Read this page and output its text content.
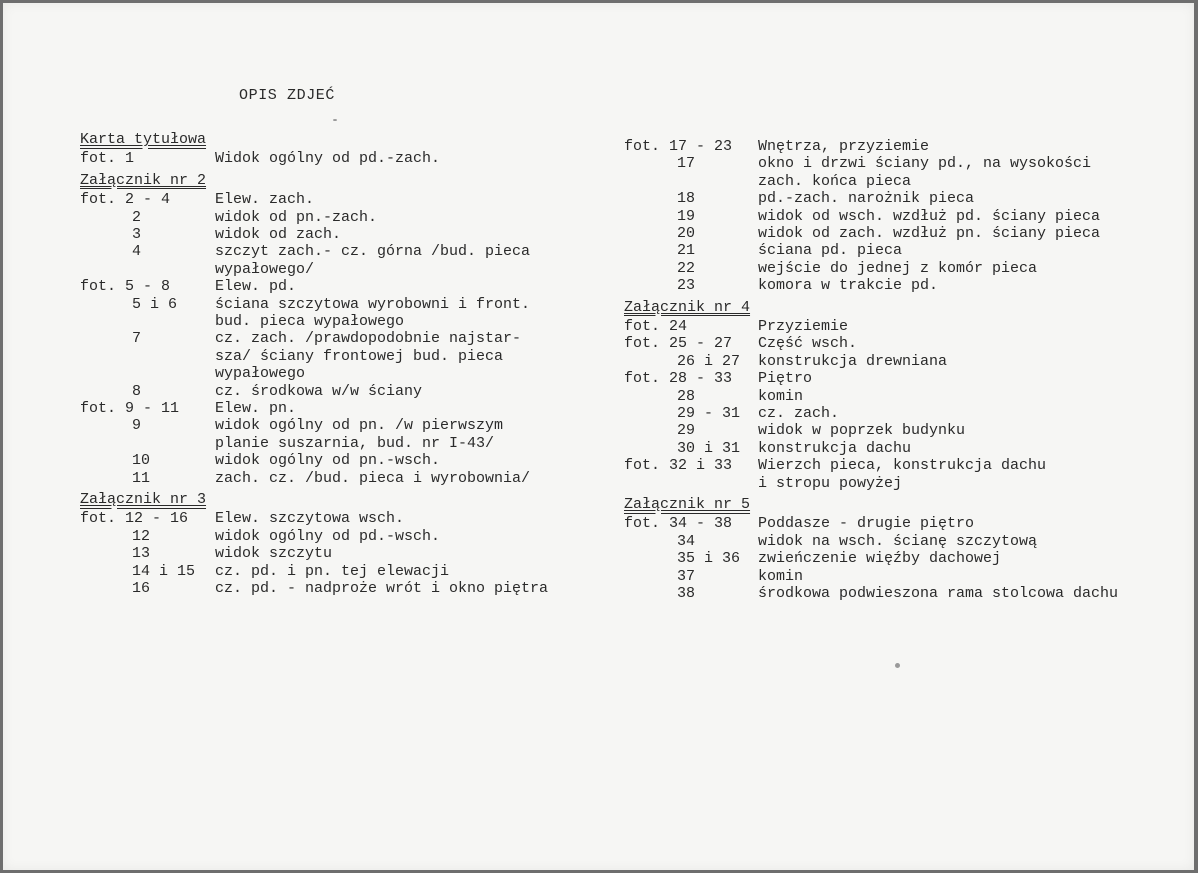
OPIS ZDJEĆ
Karta tytułowa
fot. 1	Widok ogólny od pd.-zach.
Załącznik nr 2
fot. 2 - 4	Elew. zach.
2	widok od pn.-zach.
3	widok od zach.
4	szczyt zach.- cz. górna /bud. pieca
wypałowego/
fot. 5 - 8	Elew. pd.
5 i 6	ściana szczytowa wyrobowni i front.
bud. pieca wypałowego
7	cz. zach. /prawdopodobnie najstar-
sza/ ściany frontowej bud. pieca
wypałowego
8	cz. środkowa w/w ściany
fot. 9 - 11 Elew. pn.
9	widok ogólny od pn. /w pierwszym
planie suszarnia, bud. nr I-43/
10	widok ogólny od pn.-wsch.
11	zach. cz. /bud. pieca i wyrobownia/
Załącznik nr 3
fot. 12 - 16 Elew. szczytowa wsch.
12	widok ogólny od pd.-wsch.
13	widok szczytu
14 i 15 cz. pd. i pn. tej elewacji
16	cz. pd. - nadproże wrót i okno piętra
fot. 17 - 23 Wnętrza, przyziemie
17	okno i drzwi ściany pd., na wysokości
zach. końca pieca
18	pd.-zach. narożnik pieca
19	widok od wsch. wzdłuż pd. ściany pieca
20	widok od zach. wzdłuż pn. ściany pieca
21	ściana pd. pieca
22	wejście do jednej z komór pieca
23	komora w trakcie pd.
Załącznik nr 4
fot. 24	Przyziemie
fot. 25 - 27 Część wsch.
26 i 27 konstrukcja drewniana
fot. 28 - 33 Piętro
28	komin
29 - 31 cz. zach.
29	widok w poprzek budynku
30 i 31 konstrukcja dachu
fot. 32 i 33 Wierzch pieca, konstrukcja dachu
i stropu powyżej
Załącznik nr 5
fot. 34 - 38 Poddasze - drugie piętro
34	widok na wsch. ścianę szczytową
35 i 36 zwieńczenie więźby dachowej
37	komin
38	środkowa podwieszona rama stolcowa dachu
